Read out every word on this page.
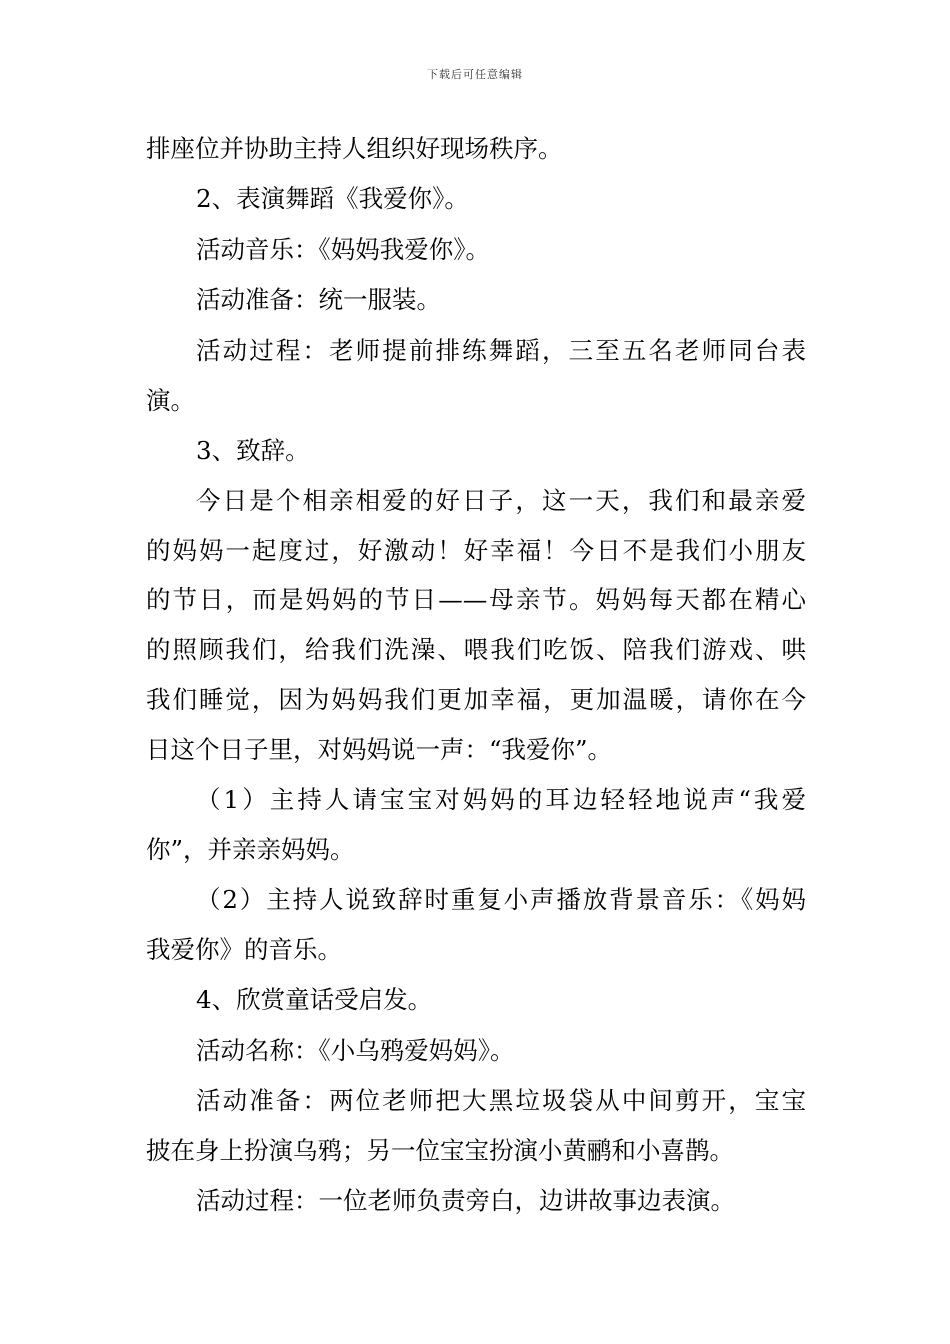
下载后可任意编辑
排座位并协助主持人组织好现场秩序。
2、表演舞蹈《我爱你》。
活动音乐：《妈妈我爱你》。
活动准备：统一服装。
活动过程：老师提前排练舞蹈，三至五名老师同台表
演。
3、致辞。
今日是个相亲相爱的好日子，这一天，我们和最亲爱
的妈妈一起度过，好激动！好幸福！今日不是我们小朋友
的节日，而是妈妈的节日——母亲节。妈妈每天都在精心
的照顾我们，给我们洗澡、喂我们吃饭、陪我们游戏、哄
我们睡觉，因为妈妈我们更加幸福，更加温暖，请你在今
日这个日子里，对妈妈说一声：“我爱你”。
（1）主持人请宝宝对妈妈的耳边轻轻地说声“我爱
你”，并亲亲妈妈。
（2）主持人说致辞时重复小声播放背景音乐：《妈妈
我爱你》的音乐。
4、欣赏童话受启发。
活动名称：《小乌鸦爱妈妈》。
活动准备：两位老师把大黑垃圾袋从中间剪开，宝宝
披在身上扮演乌鸦；另一位宝宝扮演小黄鹂和小喜鹊。
活动过程：一位老师负责旁白，边讲故事边表演。
